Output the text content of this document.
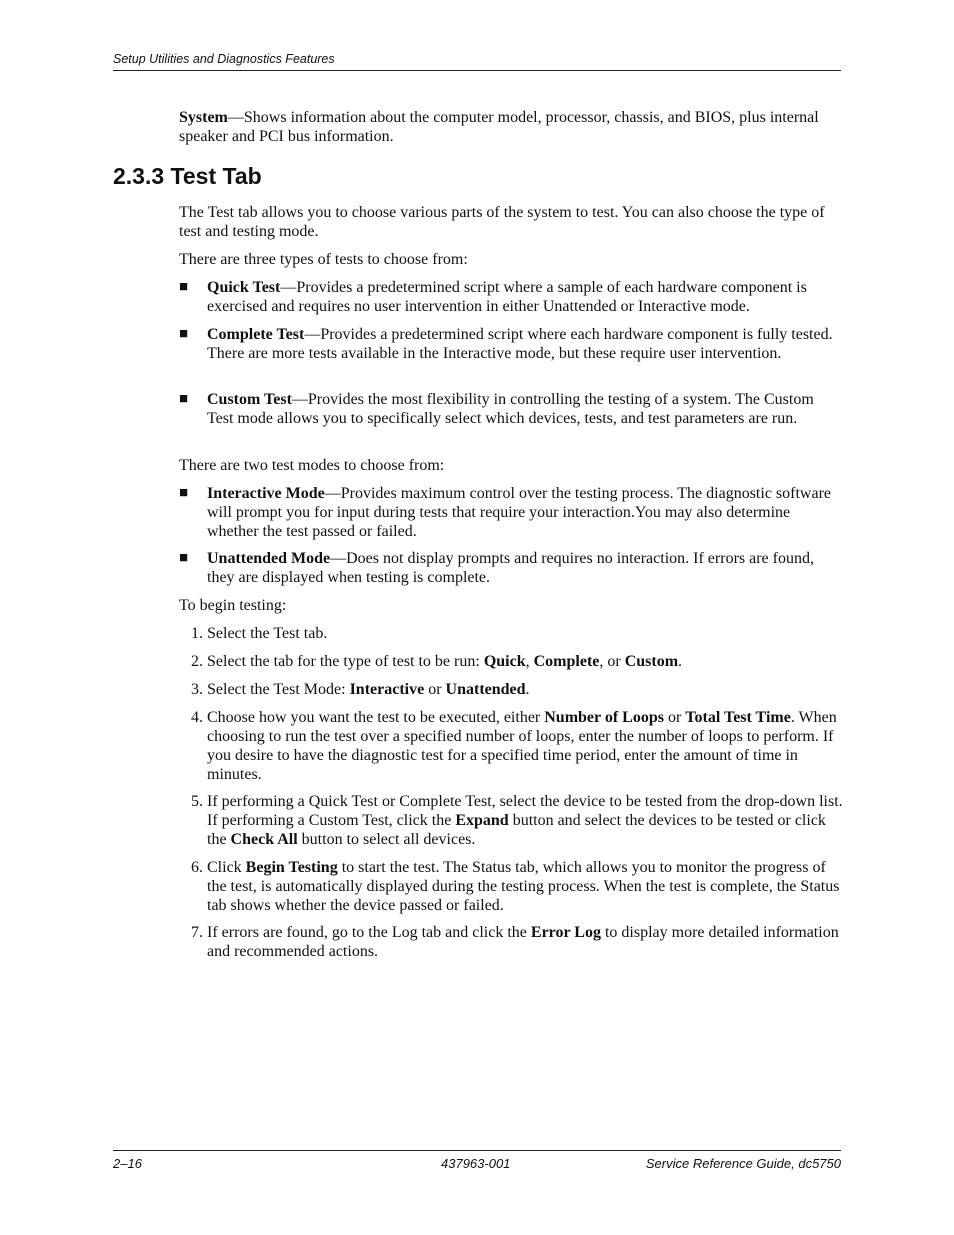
Setup Utilities and Diagnostics Features
System—Shows information about the computer model, processor, chassis, and BIOS, plus internal speaker and PCI bus information.
2.3.3 Test Tab
The Test tab allows you to choose various parts of the system to test. You can also choose the type of test and testing mode.
There are three types of tests to choose from:
■ Quick Test—Provides a predetermined script where a sample of each hardware component is exercised and requires no user intervention in either Unattended or Interactive mode.
■ Complete Test—Provides a predetermined script where each hardware component is fully tested. There are more tests available in the Interactive mode, but these require user intervention.
■ Custom Test—Provides the most flexibility in controlling the testing of a system. The Custom Test mode allows you to specifically select which devices, tests, and test parameters are run.
There are two test modes to choose from:
■ Interactive Mode—Provides maximum control over the testing process. The diagnostic software will prompt you for input during tests that require your interaction.You may also determine whether the test passed or failed.
■ Unattended Mode—Does not display prompts and requires no interaction. If errors are found, they are displayed when testing is complete.
To begin testing:
1. Select the Test tab.
2. Select the tab for the type of test to be run: Quick, Complete, or Custom.
3. Select the Test Mode: Interactive or Unattended.
4. Choose how you want the test to be executed, either Number of Loops or Total Test Time. When choosing to run the test over a specified number of loops, enter the number of loops to perform. If you desire to have the diagnostic test for a specified time period, enter the amount of time in minutes.
5. If performing a Quick Test or Complete Test, select the device to be tested from the drop-down list. If performing a Custom Test, click the Expand button and select the devices to be tested or click the Check All button to select all devices.
6. Click Begin Testing to start the test. The Status tab, which allows you to monitor the progress of the test, is automatically displayed during the testing process. When the test is complete, the Status tab shows whether the device passed or failed.
7. If errors are found, go to the Log tab and click the Error Log to display more detailed information and recommended actions.
2–16	437963-001	Service Reference Guide, dc5750
